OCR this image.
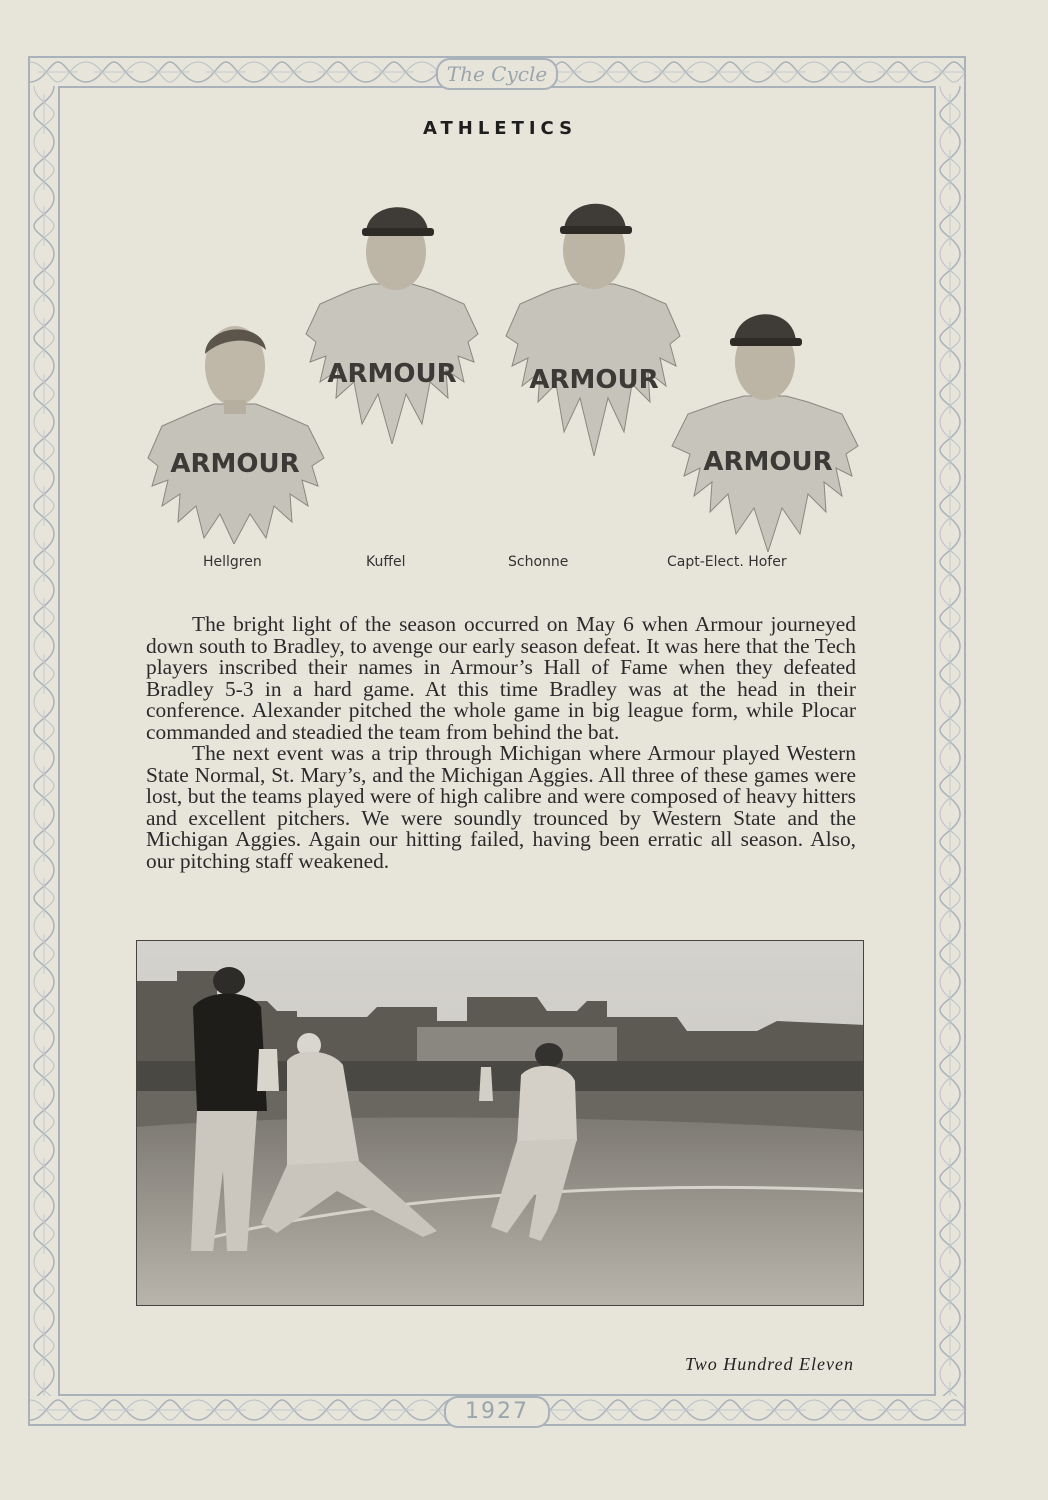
The Cycle
1927
ATHLETICS
ARMOUR
ARMOUR	ARMOUR
ARMOUR
Hellgren	Kuffel	Schonne	Capt-Elect. Hofer

The bright light of the season occurred on May 6 when Armour journeyed down south to Bradley, to avenge our early season defeat. It was here that the Tech players inscribed their names in Armour’s Hall of Fame when they defeated Bradley 5-3 in a hard game. At this time Bradley was at the head in their conference. Alexander pitched the whole game in big league form, while Plocar commanded and steadied the team from behind the bat.

The next event was a trip through Michigan where Armour played Western State Normal, St. Mary’s, and the Michigan Aggies. All three of these games were lost, but the teams played were of high calibre and were composed of heavy hitters and excellent pitchers. We were soundly trounced by Western State and the Michigan Aggies. Again our hitting failed, having been erratic all season. Also, our pitching staff weakened.

Two Hundred Eleven
